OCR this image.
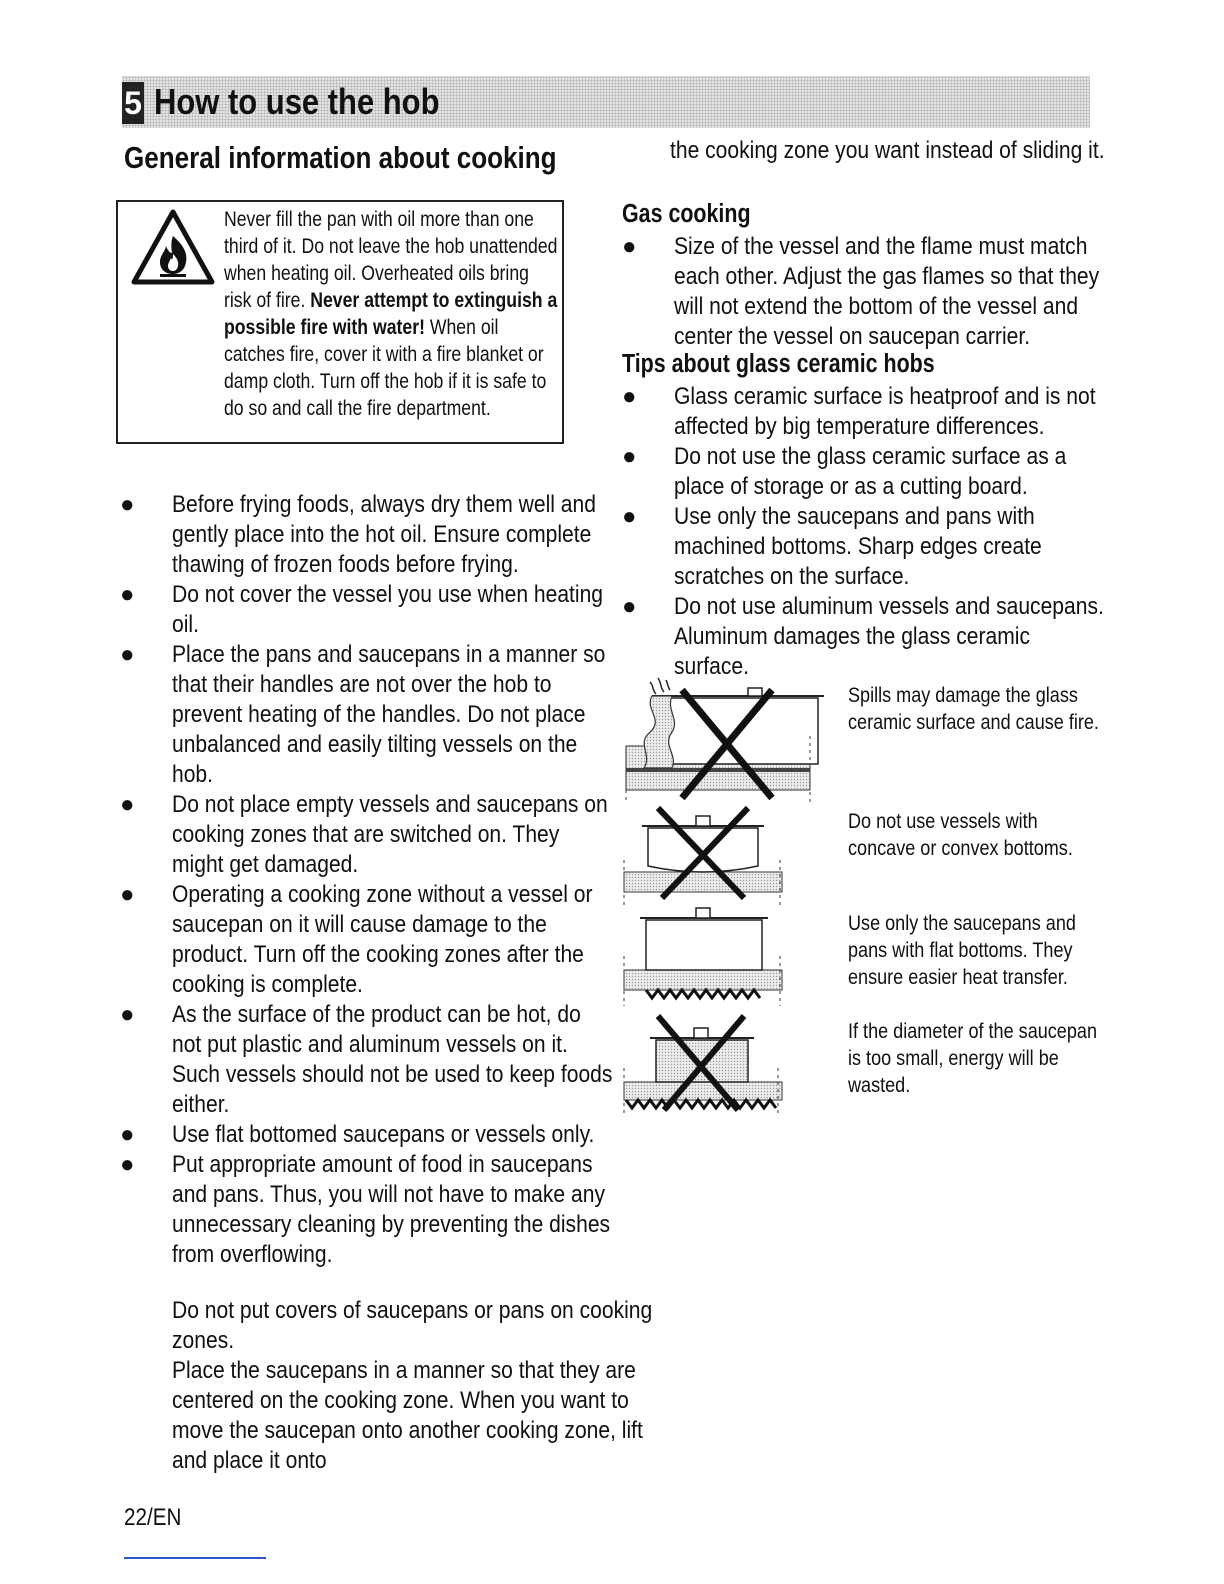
5 How to use the hob
General information about cooking
Never fill the pan with oil more than one third of it. Do not leave the hob unattended when heating oil. Overheated oils bring risk of fire. Never attempt to extinguish a possible fire with water! When oil catches fire, cover it with a fire blanket or damp cloth. Turn off the hob if it is safe to do so and call the fire department.
● Before frying foods, always dry them well and gently place into the hot oil. Ensure complete thawing of frozen foods before frying.
● Do not cover the vessel you use when heating oil.
● Place the pans and saucepans in a manner so that their handles are not over the hob to prevent heating of the handles. Do not place unbalanced and easily tilting vessels on the hob.
● Do not place empty vessels and saucepans on cooking zones that are switched on. They might get damaged.
● Operating a cooking zone without a vessel or saucepan on it will cause damage to the product. Turn off the cooking zones after the cooking is complete.
● As the surface of the product can be hot, do not put plastic and aluminum vessels on it. Such vessels should not be used to keep foods either.
● Use flat bottomed saucepans or vessels only.
● Put appropriate amount of food in saucepans and pans. Thus, you will not have to make any unnecessary cleaning by preventing the dishes from overflowing.
Do not put covers of saucepans or pans on cooking zones.
Place the saucepans in a manner so that they are centered on the cooking zone. When you want to move the saucepan onto another cooking zone, lift and place it onto
the cooking zone you want instead of sliding it.
Gas cooking
● Size of the vessel and the flame must match each other. Adjust the gas flames so that they will not extend the bottom of the vessel and center the vessel on saucepan carrier.
Tips about glass ceramic hobs
● Glass ceramic surface is heatproof and is not affected by big temperature differences.
● Do not use the glass ceramic surface as a place of storage or as a cutting board.
● Use only the saucepans and pans with machined bottoms. Sharp edges create scratches on the surface.
● Do not use aluminum vessels and saucepans. Aluminum damages the glass ceramic surface.
Spills may damage the glass ceramic surface and cause fire.
Do not use vessels with concave or convex bottoms.
Use only the saucepans and pans with flat bottoms. They ensure easier heat transfer.
If the diameter of the saucepan is too small, energy will be wasted.
22/EN
